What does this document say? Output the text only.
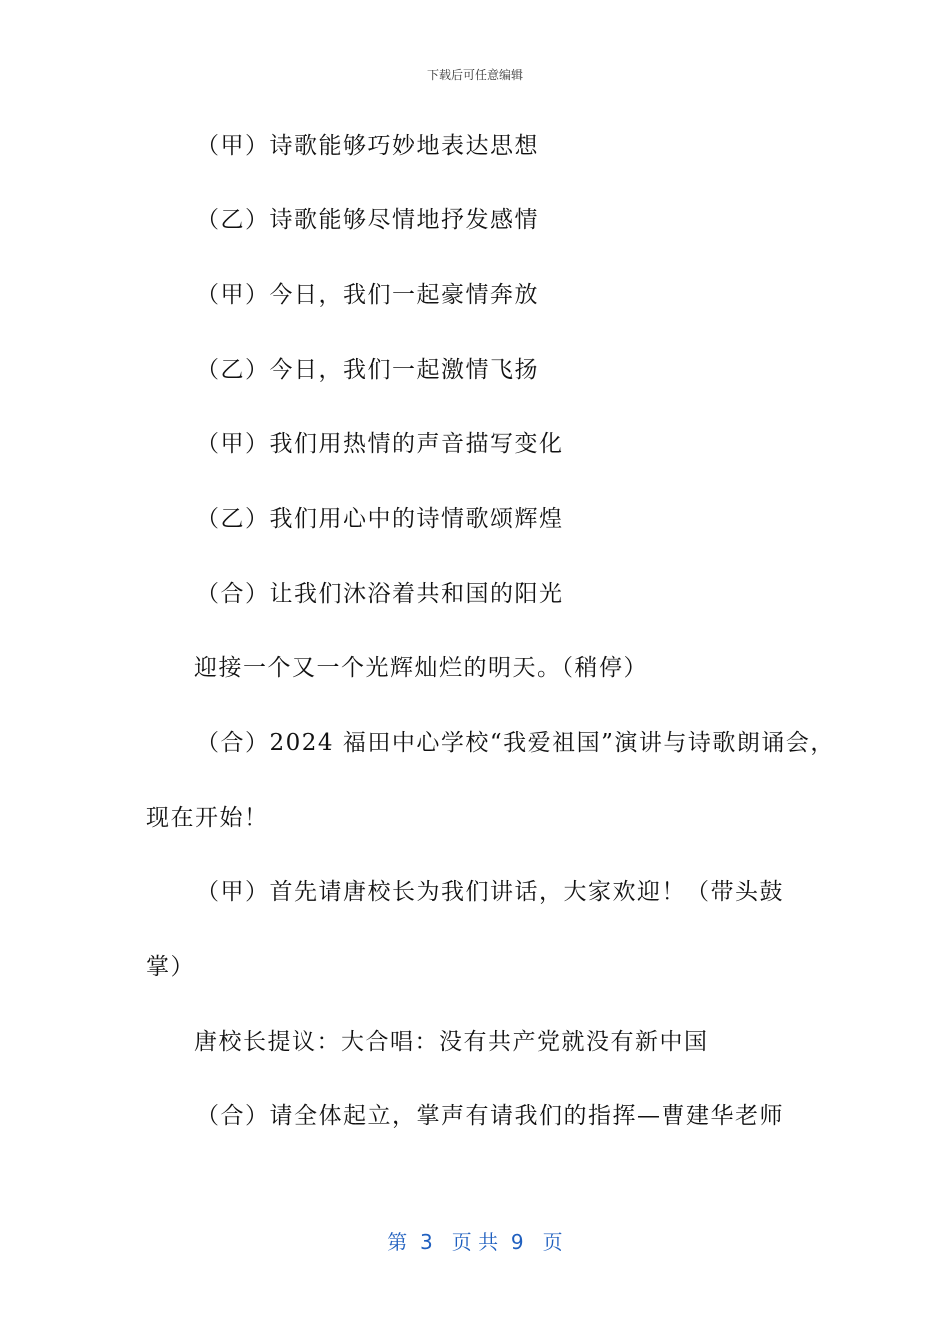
下载后可任意编辑
（甲）诗歌能够巧妙地表达思想
（乙）诗歌能够尽情地抒发感情
（甲）今日，我们一起豪情奔放
（乙）今日，我们一起激情飞扬
（甲）我们用热情的声音描写变化
（乙）我们用心中的诗情歌颂辉煌
（合）让我们沐浴着共和国的阳光
迎接一个又一个光辉灿烂的明天。（稍停）
（合）2024 福田中心学校“我爱祖国”演讲与诗歌朗诵会，
现在开始！
（甲）首先请唐校长为我们讲话，大家欢迎！（带头鼓
掌）
唐校长提议：大合唱：没有共产党就没有新中国
（合）请全体起立，掌声有请我们的指挥—曹建华老师
第  3   页 共  9   页
